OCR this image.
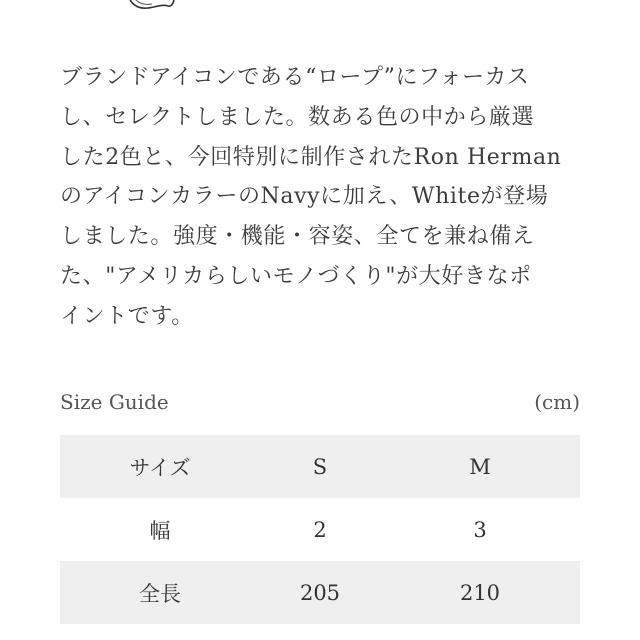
ブランドアイコンである“ロープ”にフォーカス
し、セレクトしました。数ある色の中から厳選
した2色と、今回特別に制作されたRon Herman
のアイコンカラーのNavyに加え、Whiteが登場
しました。強度・機能・容姿、全てを兼ね備え
た、"アメリカらしいモノづくり"が大好きなポ
イントです。

Size Guide	(cm)
サイズ	S	M
幅	2	3
全長	205	210
